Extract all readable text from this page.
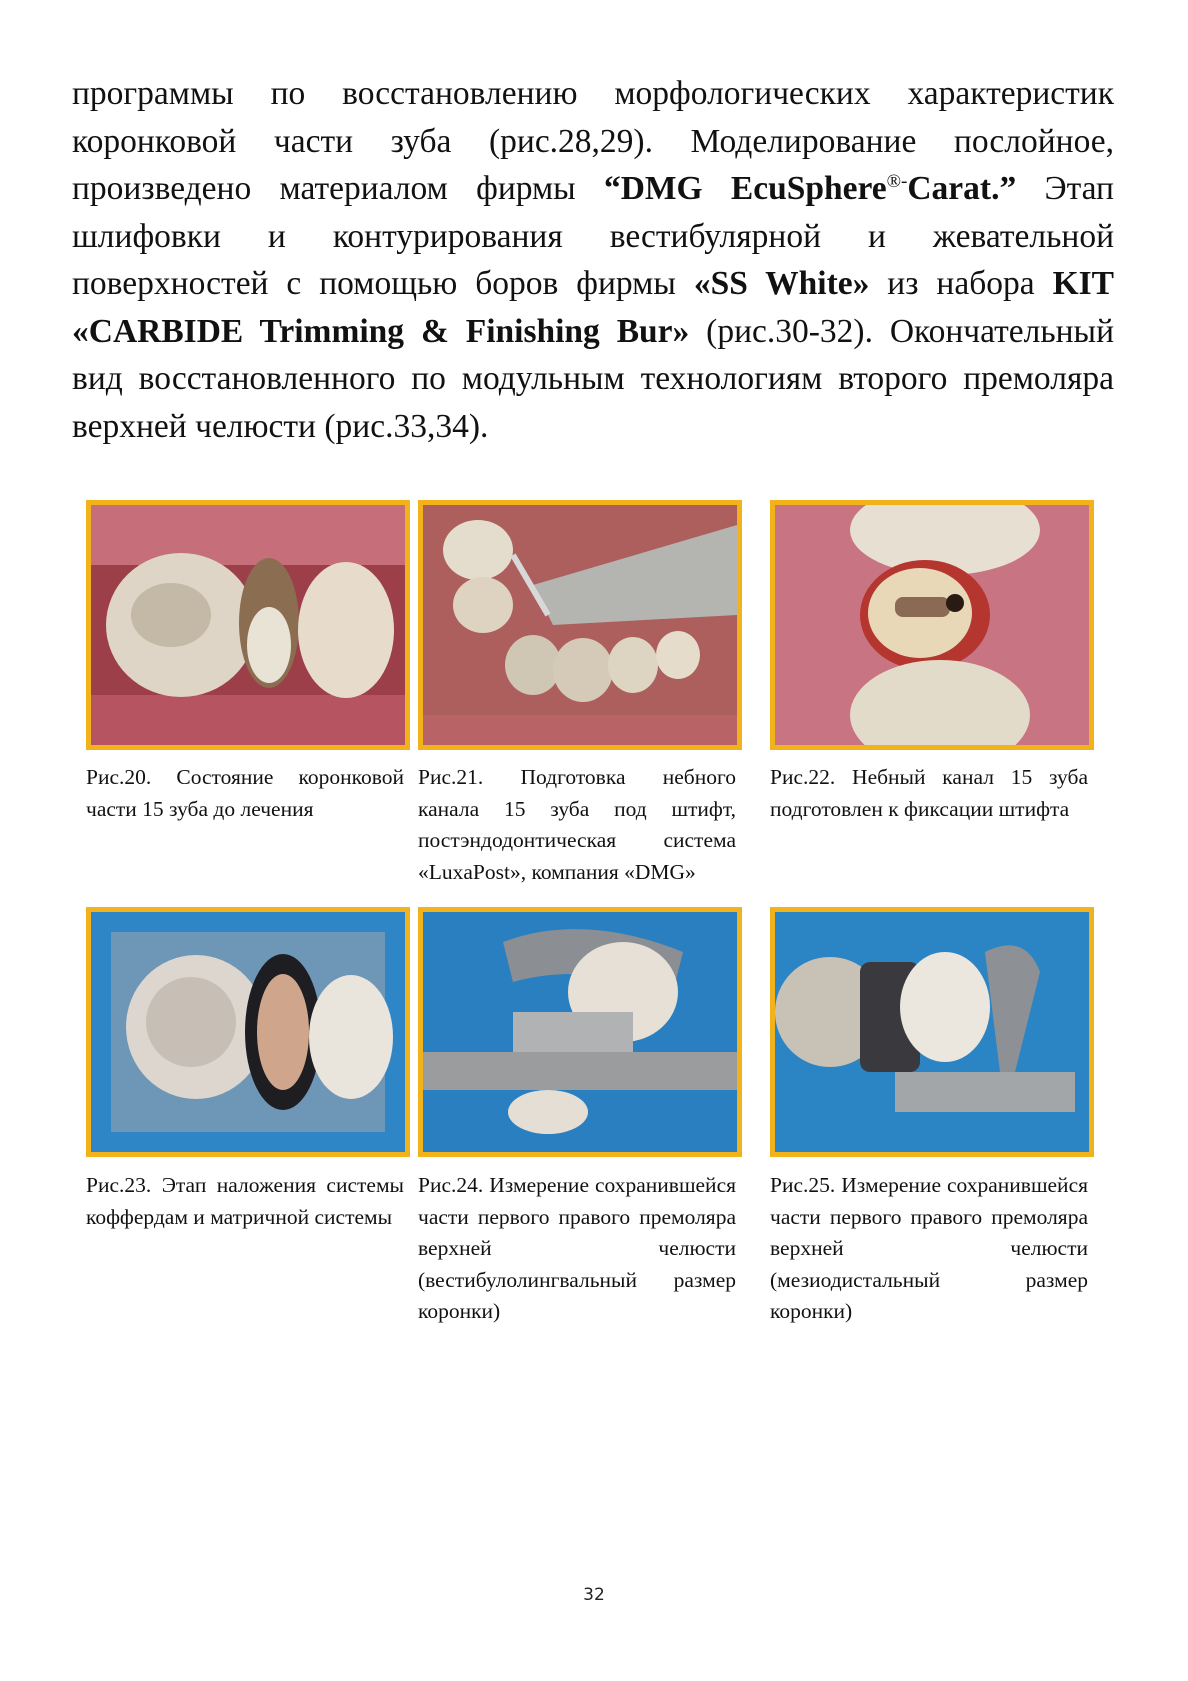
программы по восстановлению морфологических характеристик коронковой части зуба (рис.28,29). Моделирование послойное, произведено материалом фирмы “DMG EcuSphere®-Carat.” Этап шлифовки и контурирования вестибулярной и жевательной поверхностей с помощью боров фирмы «SS White» из набора KIT «CARBIDE Trimming & Finishing Bur» (рис.30-32). Окончательный вид восстановленного по модульным технологиям второго премоляра верхней челюсти (рис.33,34).

Рис.20. Состояние коронковой части 15 зуба до лечения

Рис.21. Подготовка небного канала 15 зуба под штифт, постэндодонтическая система «LuxaPost», компания «DMG»

Рис.22. Небный канал 15 зуба подготовлен к фиксации штифта

Рис.23. Этап наложения системы коффердам и матричной системы

Рис.24. Измерение сохранившейся части первого правого премоляра верхней челюсти (вестибулолингвальный размер коронки)

Рис.25. Измерение сохранившейся части первого правого премоляра верхней челюсти (мезиодистальный размер коронки)

32
